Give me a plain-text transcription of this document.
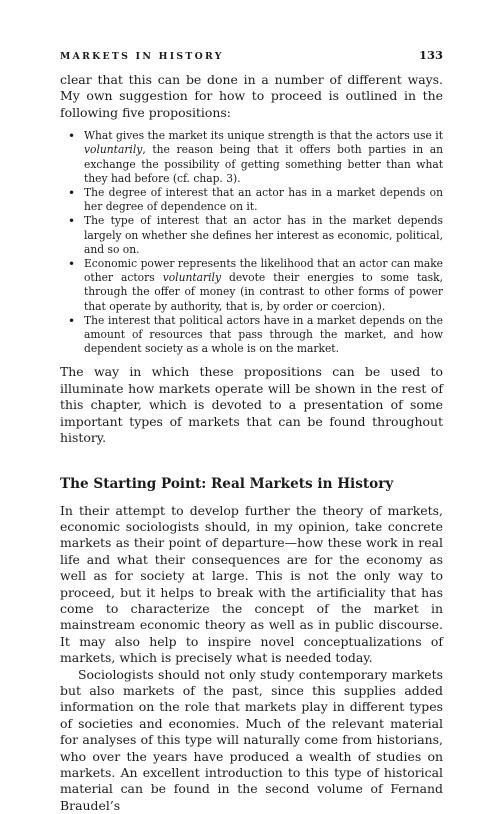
MARKETS IN HISTORY	133

clear that this can be done in a number of different ways. My own suggestion for how to proceed is outlined in the following five propositions:

• What gives the market its unique strength is that the actors use it voluntarily, the reason being that it offers both parties in an exchange the possibility of getting something better than what they had before (cf. chap. 3).
• The degree of interest that an actor has in a market depends on her degree of dependence on it.
• The type of interest that an actor has in the market depends largely on whether she defines her interest as economic, political, and so on.
• Economic power represents the likelihood that an actor can make other actors voluntarily devote their energies to some task, through the offer of money (in contrast to other forms of power that operate by authority, that is, by order or coercion).
• The interest that political actors have in a market depends on the amount of resources that pass through the market, and how dependent society as a whole is on the market.

The way in which these propositions can be used to illuminate how markets operate will be shown in the rest of this chapter, which is devoted to a presentation of some important types of markets that can be found throughout history.

The Starting Point: Real Markets in History

In their attempt to develop further the theory of markets, economic sociologists should, in my opinion, take concrete markets as their point of departure—how these work in real life and what their consequences are for the economy as well as for society at large. This is not the only way to proceed, but it helps to break with the artificiality that has come to characterize the concept of the market in mainstream economic theory as well as in public discourse. It may also help to inspire novel conceptualizations of markets, which is precisely what is needed today.

Sociologists should not only study contemporary markets but also markets of the past, since this supplies added information on the role that markets play in different types of societies and economies. Much of the relevant material for analyses of this type will naturally come from historians, who over the years have produced a wealth of studies on markets. An excellent introduction to this type of historical material can be found in the second volume of Fernand Braudel’s
